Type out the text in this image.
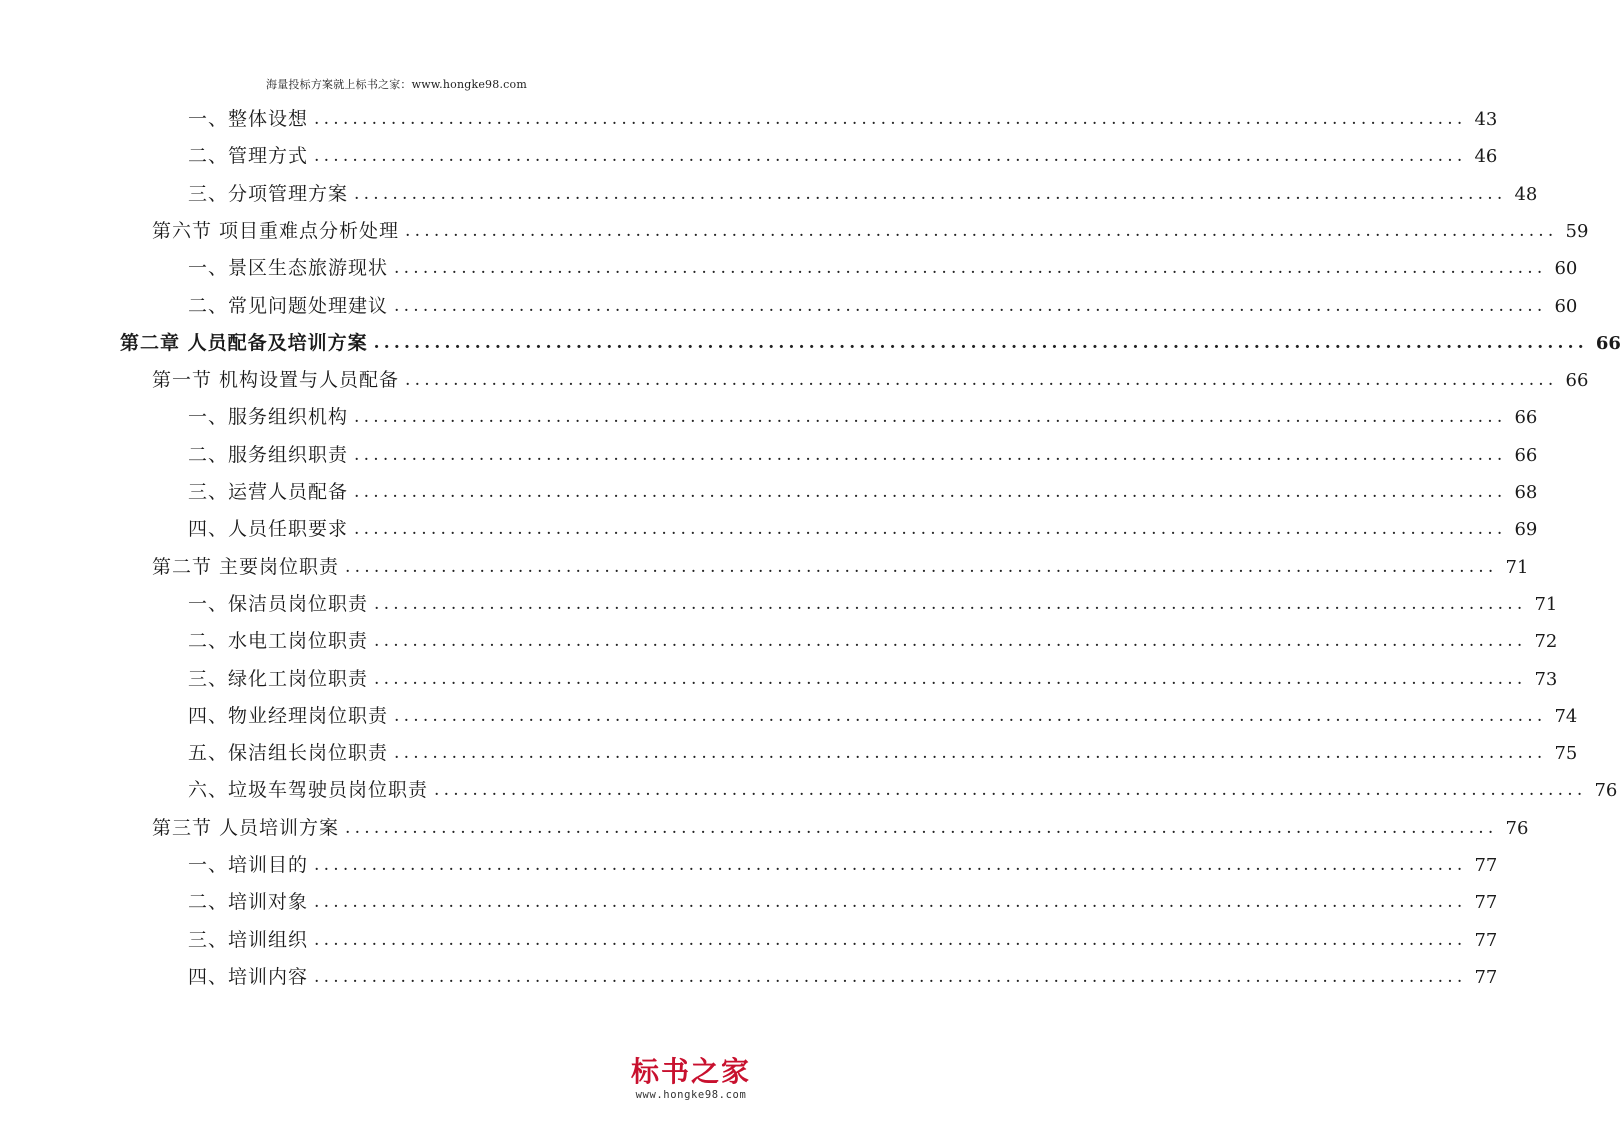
海量投标方案就上标书之家：www.hongke98.com
一、整体设想 ........................................................................................................................ 43
二、管理方式 ........................................................................................................................ 46
三、分项管理方案 ........................................................................................................................ 48
第六节 项目重难点分析处理 ........................................................................................................................ 59
一、景区生态旅游现状 ........................................................................................................................ 60
二、常见问题处理建议 ........................................................................................................................ 60
第二章 人员配备及培训方案 ........................................................................................................................ 66
第一节 机构设置与人员配备 ........................................................................................................................ 66
一、服务组织机构 ........................................................................................................................ 66
二、服务组织职责 ........................................................................................................................ 66
三、运营人员配备 ........................................................................................................................ 68
四、人员任职要求 ........................................................................................................................ 69
第二节 主要岗位职责 ........................................................................................................................ 71
一、保洁员岗位职责 ........................................................................................................................ 71
二、水电工岗位职责 ........................................................................................................................ 72
三、绿化工岗位职责 ........................................................................................................................ 73
四、物业经理岗位职责 ........................................................................................................................ 74
五、保洁组长岗位职责 ........................................................................................................................ 75
六、垃圾车驾驶员岗位职责 ........................................................................................................................ 76
第三节 人员培训方案 ........................................................................................................................ 76
一、培训目的 ........................................................................................................................ 77
二、培训对象 ........................................................................................................................ 77
三、培训组织 ........................................................................................................................ 77
四、培训内容 ........................................................................................................................ 77
标书之家
www.hongke98.com
